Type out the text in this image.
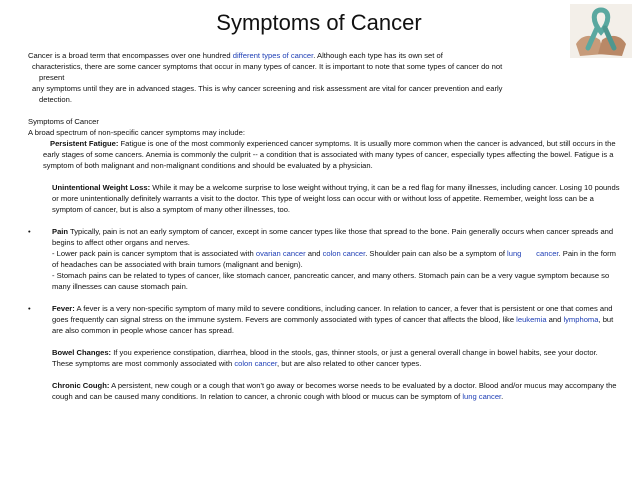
Symptoms of Cancer

Cancer is a broad term that encompasses over one hundred different types of cancer. Although each type has its own set of

characteristics, there are some cancer symptoms that occur in many types of cancer. It is important to note that some types of cancer do not

present

any symptoms until they are in advanced stages. This is why cancer screening and risk assessment are vital for cancer prevention and early

detection.

Symptoms of Cancer

A broad spectrum of non-specific cancer symptoms may include:

Persistent Fatigue: Fatigue is one of the most commonly experienced cancer symptoms. It is usually more common when the cancer is advanced, but still occurs in the early stages of some cancers. Anemia is commonly the culprit -- a condition that is associated with many types of cancer, especially types affecting the bowel. Fatigue is a symptom of both malignant and non-malignant conditions and should be evaluated by a physician.

Unintentional Weight Loss: While it may be a welcome surprise to lose weight without trying, it can be a red flag for many illnesses, including cancer. Losing 10 pounds or more unintentionally definitely warrants a visit to the doctor. This type of weight loss can occur with or without loss of appetite. Remember, weight loss can be a symptom of cancer, but is also a symptom of many other illnesses, too.

•	Pain Typically, pain is not an early symptom of cancer, except in some cancer types like those that spread to the bone. Pain generally occurs when cancer spreads and begins to affect other organs and nerves.

- Lower pack pain is cancer symptom that is associated with ovarian cancer and colon cancer. Shoulder pain can also be a symptom of lung       cancer. Pain in the form of headaches can be associated with brain tumors (malignant and benign).

- Stomach pains can be related to types of cancer, like stomach cancer, pancreatic cancer, and many others. Stomach pain can be a very vague symptom because so many illnesses can cause stomach pain.

•	Fever: A fever is a very non-specific symptom of many mild to severe conditions, including cancer. In relation to cancer, a fever that is persistent or one that comes and goes frequently can signal stress on the immune system. Fevers are commonly associated with types of cancer that affects the blood, like leukemia and lymphoma, but are also common in people whose cancer has spread.

Bowel Changes: If you experience constipation, diarrhea, blood in the stools, gas, thinner stools, or just a general overall change in bowel habits, see your doctor. These symptoms are most commonly associated with colon cancer, but are also related to other cancer types.

Chronic Cough: A persistent, new cough or a cough that won't go away or becomes worse needs to be evaluated by a doctor. Blood and/or mucus may accompany the cough and can be caused many conditions. In relation to cancer, a chronic cough with blood or mucus can be symptom of lung cancer.
